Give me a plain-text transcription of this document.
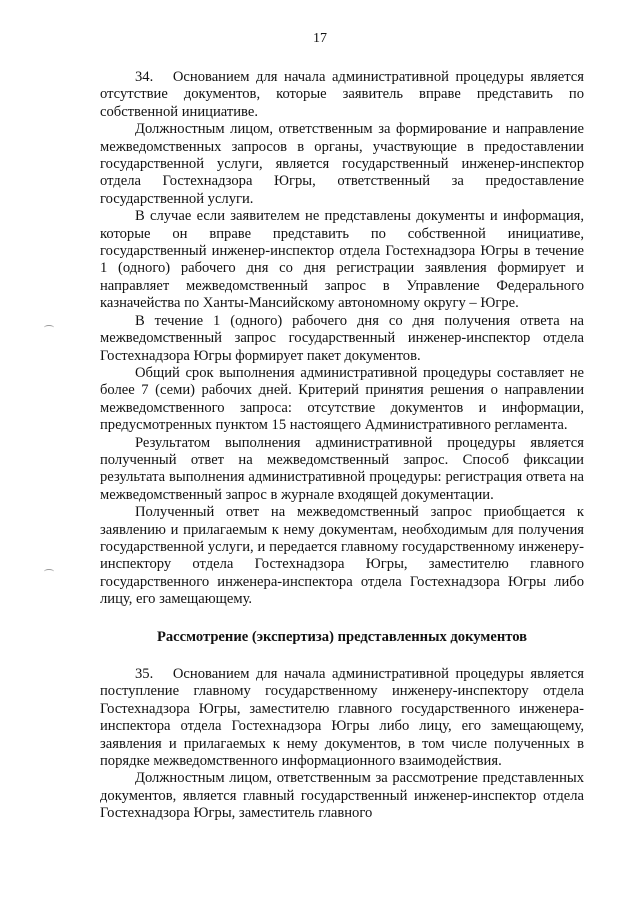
17

34.   Основанием для начала административной процедуры является отсутствие документов, которые заявитель вправе представить по собственной инициативе.

Должностным лицом, ответственным за формирование и направление межведомственных запросов в органы, участвующие в предоставлении государственной услуги, является государственный инженер-инспектор отдела Гостехнадзора Югры, ответственный за предоставление государственной услуги.

В случае если заявителем не представлены документы и информация, которые он вправе представить по собственной инициативе, государственный инженер-инспектор отдела Гостехнадзора Югры в течение 1 (одного) рабочего дня со дня регистрации заявления формирует и направляет межведомственный запрос в Управление Федерального казначейства по Ханты-Мансийскому автономному округу – Югре.

В течение 1 (одного) рабочего дня со дня получения ответа на межведомственный запрос государственный инженер-инспектор отдела Гостехнадзора Югры формирует пакет документов.

Общий срок выполнения административной процедуры составляет не более 7 (семи) рабочих дней. Критерий принятия решения о направлении межведомственного запроса: отсутствие документов и информации, предусмотренных пунктом 15 настоящего Административного регламента.

Результатом выполнения административной процедуры является полученный ответ на межведомственный запрос. Способ фиксации результата выполнения административной процедуры: регистрация ответа на межведомственный запрос в журнале входящей документации.

Полученный ответ на межведомственный запрос приобщается к заявлению и прилагаемым к нему документам, необходимым для получения государственной услуги, и передается главному государственному инженеру-инспектору отдела Гостехнадзора Югры, заместителю главного государственного инженера-инспектора отдела Гостехнадзора Югры либо лицу, его замещающему.

Рассмотрение (экспертиза) представленных документов

35.   Основанием для начала административной процедуры является поступление главному государственному инженеру-инспектору отдела Гостехнадзора Югры, заместителю главного государственного инженера-инспектора отдела Гостехнадзора Югры либо лицу, его замещающему, заявления и прилагаемых к нему документов, в том числе полученных в порядке межведомственного информационного взаимодействия.

Должностным лицом, ответственным за рассмотрение представленных документов, является главный государственный инженер-инспектор отдела Гостехнадзора Югры, заместитель главного
